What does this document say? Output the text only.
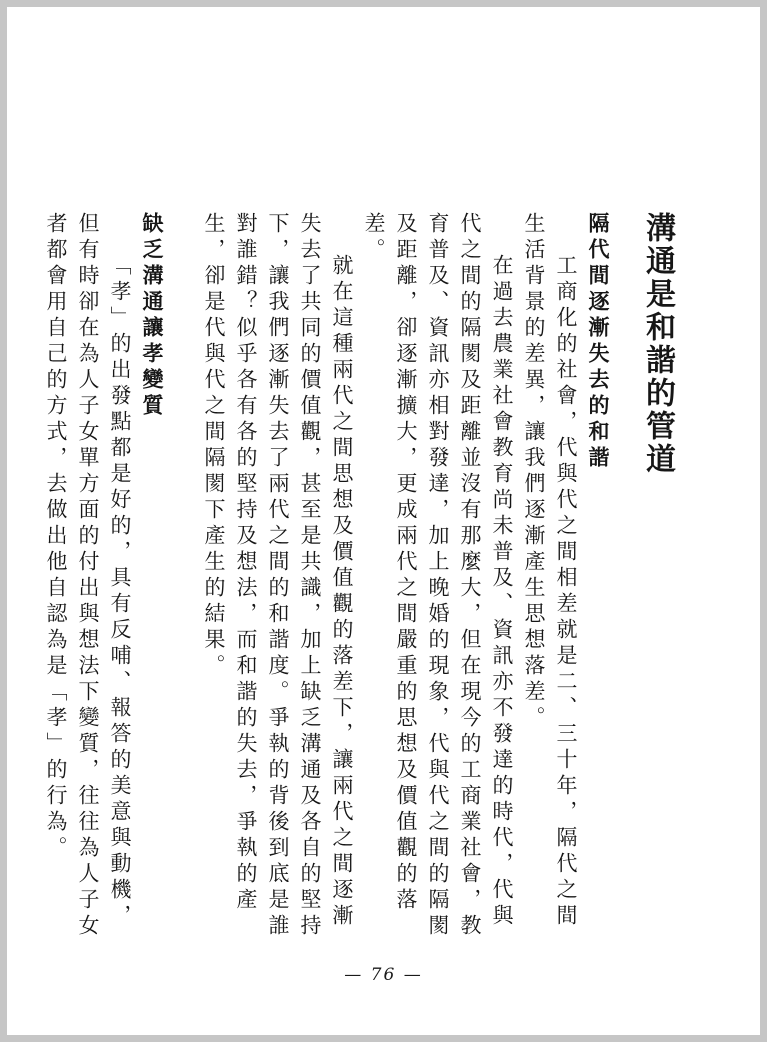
溝通是和諧的管道
隔代間逐漸失去的和諧

工商化的社會，代與代之間相差就是二、三十年，隔代之間生活背景的差異，讓我們逐漸產生思想落差。

在過去農業社會教育尚未普及、資訊亦不發達的時代，代與代之間的隔閡及距離並沒有那麼大，但在現今的工商業社會，教育普及、資訊亦相對發達，加上晚婚的現象，代與代之間的隔閡及距離，卻逐漸擴大，更成兩代之間嚴重的思想及價值觀的落差。

就在這種兩代之間思想及價值觀的落差下，讓兩代之間逐漸失去了共同的價值觀，甚至是共識，加上缺乏溝通及各自的堅持下，讓我們逐漸失去了兩代之間的和諧度。爭執的背後到底是誰對誰錯？似乎各有各的堅持及想法，而和諧的失去，爭執的產生，卻是代與代之間隔閡下產生的結果。

缺乏溝通讓孝變質

「孝」的出發點都是好的，具有反哺、報答的美意與動機，但有時卻在為人子女單方面的付出與想法下變質，往往為人子女者都會用自己的方式，去做出他自認為是「孝」的行為。

— 76 —
